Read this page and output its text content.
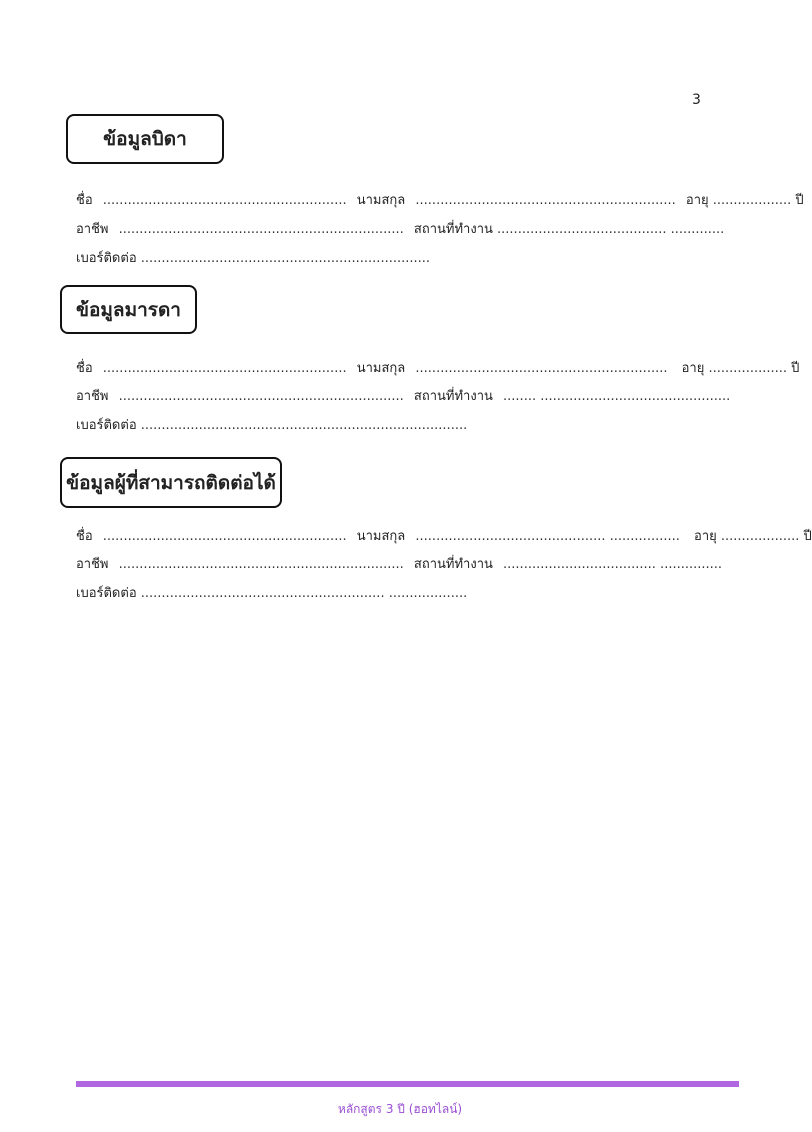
3
ข้อมูลบิดา
ชื่อ ........................................................... นามสกุล ............................................................... อายุ ................... ปี
อาชีพ ..................................................................... สถานที่ทำงาน ......................................... .............
เบอร์ติดต่อ ......................................................................
ข้อมูลมารดา
ชื่อ ........................................................... นามสกุล ............................................................. อายุ ................... ปี
อาชีพ ..................................................................... สถานที่ทำงาน ........ ..............................................
เบอร์ติดต่อ ...............................................................................
ข้อมูลผู้ที่สามารถติดต่อได้
ชื่อ ........................................................... นามสกุล .............................................. ................. อายุ ................... ปี
อาชีพ ..................................................................... สถานที่ทำงาน ..................................... ...............
เบอร์ติดต่อ ........................................................... ...................
หลักสูตร 3 ปี (ฮอทไลน์)
